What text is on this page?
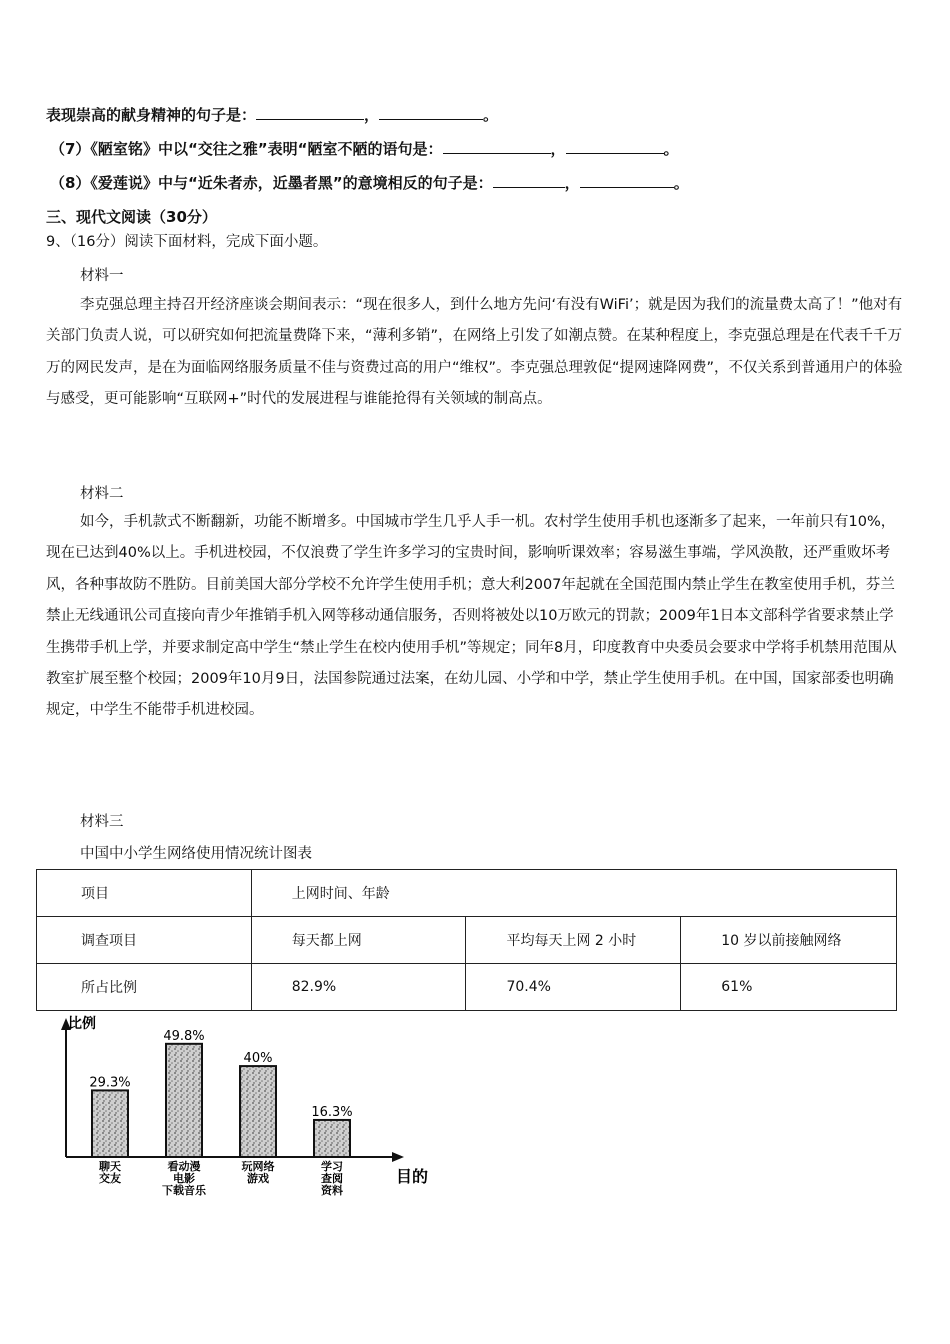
表现崇高的献身精神的句子是：	，	。
（7）《陋室铭》中以“交往之雅”表明“陋室不陋的语句是：	，	。
（8）《爱莲说》中与“近朱者赤，近墨者黑”的意境相反的句子是：	，	。
三、现代文阅读（30分）
9、（16分）阅读下面材料，完成下面小题。
材料一
李克强总理主持召开经济座谈会期间表示：“现在很多人，到什么地方先问‘有没有WiFi’；就是因为我们的流量费太高了！”他对有关部门负责人说，可以研究如何把流量费降下来，“薄利多销”，在网络上引发了如潮点赞。在某种程度上，李克强总理是在代表千千万万的网民发声，是在为面临网络服务质量不佳与资费过高的用户“维权”。李克强总理敦促“提网速降网费”，不仅关系到普通用户的体验与感受，更可能影响“互联网+”时代的发展进程与谁能抢得有关领域的制高点。
材料二
如今，手机款式不断翻新，功能不断增多。中国城市学生几乎人手一机。农村学生使用手机也逐渐多了起来，一年前只有10%，现在已达到40%以上。手机进校园，不仅浪费了学生许多学习的宝贵时间，影响听课效率；容易滋生事端，学风涣散，还严重败坏考风，各种事故防不胜防。目前美国大部分学校不允许学生使用手机；意大利2007年起就在全国范围内禁止学生在教室使用手机，芬兰禁止无线通讯公司直接向青少年推销手机入网等移动通信服务，否则将被处以10万欧元的罚款；2009年1日本文部科学省要求禁止学生携带手机上学，并要求制定高中学生“禁止学生在校内使用手机”等规定；同年8月，印度教育中央委员会要求中学将手机禁用范围从教室扩展至整个校园；2009年10月9日，法国参院通过法案，在幼儿园、小学和中学，禁止学生使用手机。在中国，国家部委也明确规定，中学生不能带手机进校园。
材料三
中国中小学生网络使用情况统计图表
项目	上网时间、年龄		
调查项目	每天都上网	平均每天上网 2 小时	10 岁以前接触网络
所占比例	82.9%	70.4%	61%
比例
目的
29.3%
聊天交友
49.8%
看动漫电影下载音乐
40%
玩网络游戏
16.3%
学习查阅资料
